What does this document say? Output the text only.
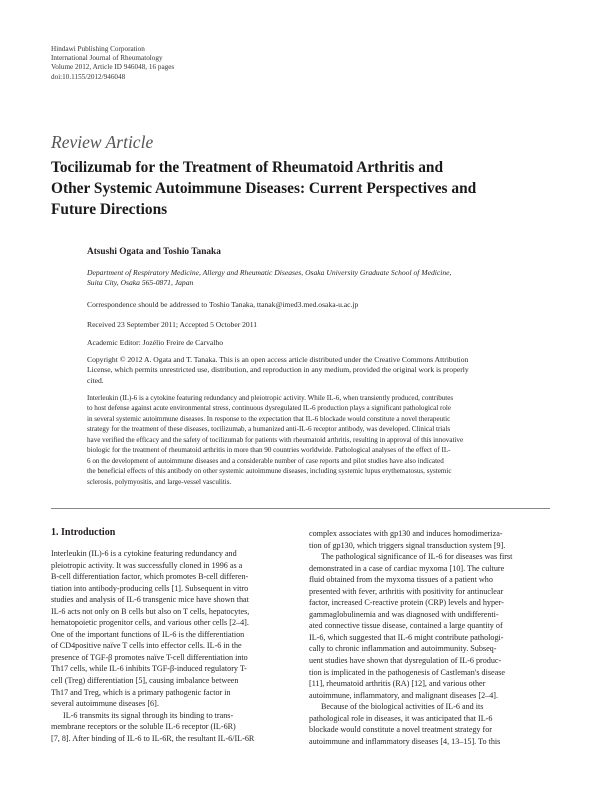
Hindawi Publishing Corporation
International Journal of Rheumatology
Volume 2012, Article ID 946048, 16 pages
doi:10.1155/2012/946048
Review Article
Tocilizumab for the Treatment of Rheumatoid Arthritis and
Other Systemic Autoimmune Diseases: Current Perspectives and
Future Directions
Atsushi Ogata and Toshio Tanaka
Department of Respiratory Medicine, Allergy and Rheumatic Diseases, Osaka University Graduate School of Medicine,
Suita City, Osaka 565-0871, Japan
Correspondence should be addressed to Toshio Tanaka, ttanak@imed3.med.osaka-u.ac.jp
Received 23 September 2011; Accepted 5 October 2011
Academic Editor: Jozélio Freire de Carvalho
Copyright © 2012 A. Ogata and T. Tanaka. This is an open access article distributed under the Creative Commons Attribution
License, which permits unrestricted use, distribution, and reproduction in any medium, provided the original work is properly
cited.
Interleukin (IL)-6 is a cytokine featuring redundancy and pleiotropic activity. While IL-6, when transiently produced, contributes
to host defense against acute environmental stress, continuous dysregulated IL-6 production plays a significant pathological role
in several systemic autoimmune diseases. In response to the expectation that IL-6 blockade would constitute a novel therapeutic
strategy for the treatment of these diseases, tocilizumab, a humanized anti-IL-6 receptor antibody, was developed. Clinical trials
have verified the efficacy and the safety of tocilizumab for patients with rheumatoid arthritis, resulting in approval of this innovative
biologic for the treatment of rheumatoid arthritis in more than 90 countries worldwide. Pathological analyses of the effect of IL-
6 on the development of autoimmune diseases and a considerable number of case reports and pilot studies have also indicated
the beneficial effects of this antibody on other systemic autoimmune diseases, including systemic lupus erythematosus, systemic
sclerosis, polymyositis, and large-vessel vasculitis.
1. Introduction
Interleukin (IL)-6 is a cytokine featuring redundancy and
pleiotropic activity. It was successfully cloned in 1996 as a
B-cell differentiation factor, which promotes B-cell differen-
tiation into antibody-producing cells [1]. Subsequent in vitro
studies and analysis of IL-6 transgenic mice have shown that
IL-6 acts not only on B cells but also on T cells, hepatocytes,
hematopoietic progenitor cells, and various other cells [2–4].
One of the important functions of IL-6 is the differentiation
of CD4positive naïve T cells into effector cells. IL-6 in the
presence of TGF-β promotes naïve T-cell differentiation into
Th17 cells, while IL-6 inhibits TGF-β-induced regulatory T-
cell (Treg) differentiation [5], causing imbalance between
Th17 and Treg, which is a primary pathogenic factor in
several autoimmune diseases [6].
IL-6 transmits its signal through its binding to trans-
membrane receptors or the soluble IL-6 receptor (IL-6R)
[7, 8]. After binding of IL-6 to IL-6R, the resultant IL-6/IL-6R
complex associates with gp130 and induces homodimeriza-
tion of gp130, which triggers signal transduction system [9].
The pathological significance of IL-6 for diseases was first
demonstrated in a case of cardiac myxoma [10]. The culture
fluid obtained from the myxoma tissues of a patient who
presented with fever, arthritis with positivity for antinuclear
factor, increased C-reactive protein (CRP) levels and hyper-
gammaglobulinemia and was diagnosed with undifferenti-
ated connective tissue disease, contained a large quantity of
IL-6, which suggested that IL-6 might contribute pathologi-
cally to chronic inflammation and autoimmunity. Subseq-
uent studies have shown that dysregulation of IL-6 produc-
tion is implicated in the pathogenesis of Castleman's disease
[11], rheumatoid arthritis (RA) [12], and various other
autoimmune, inflammatory, and malignant diseases [2–4].
Because of the biological activities of IL-6 and its
pathological role in diseases, it was anticipated that IL-6
blockade would constitute a novel treatment strategy for
autoimmune and inflammatory diseases [4, 13–15]. To this
